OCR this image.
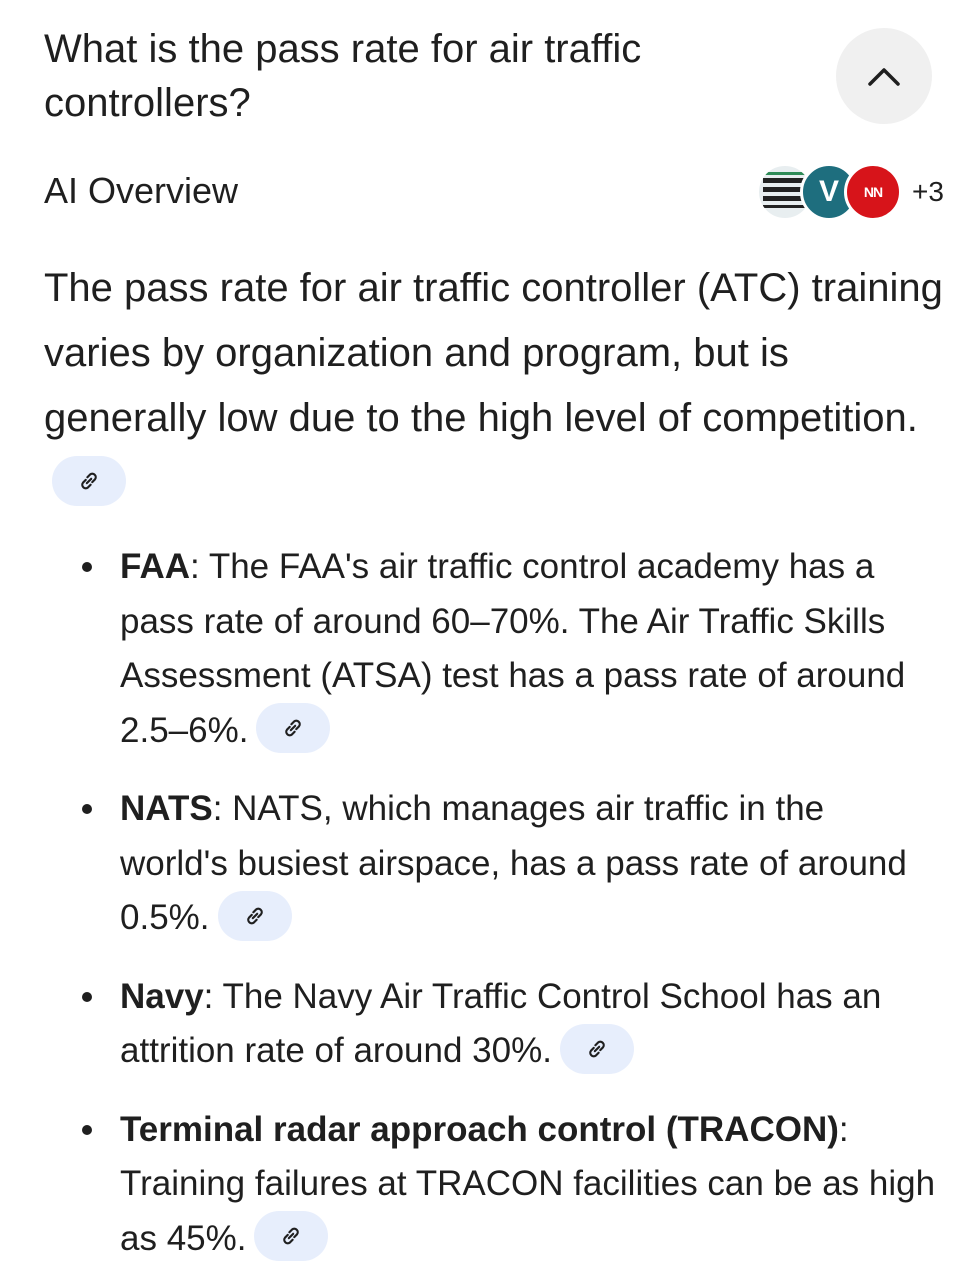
What is the pass rate for air traffic controllers?
AI Overview	V NN +3
The pass rate for air traffic controller (ATC) training varies by organization and program, but is generally low due to the high level of competition.
FAA: The FAA's air traffic control academy has a pass rate of around 60–70%. The Air Traffic Skills Assessment (ATSA) test has a pass rate of around 2.5–6%.
NATS: NATS, which manages air traffic in the world's busiest airspace, has a pass rate of around 0.5%.
Navy: The Navy Air Traffic Control School has an attrition rate of around 30%.
Terminal radar approach control (TRACON): Training failures at TRACON facilities can be as high as 45%.
